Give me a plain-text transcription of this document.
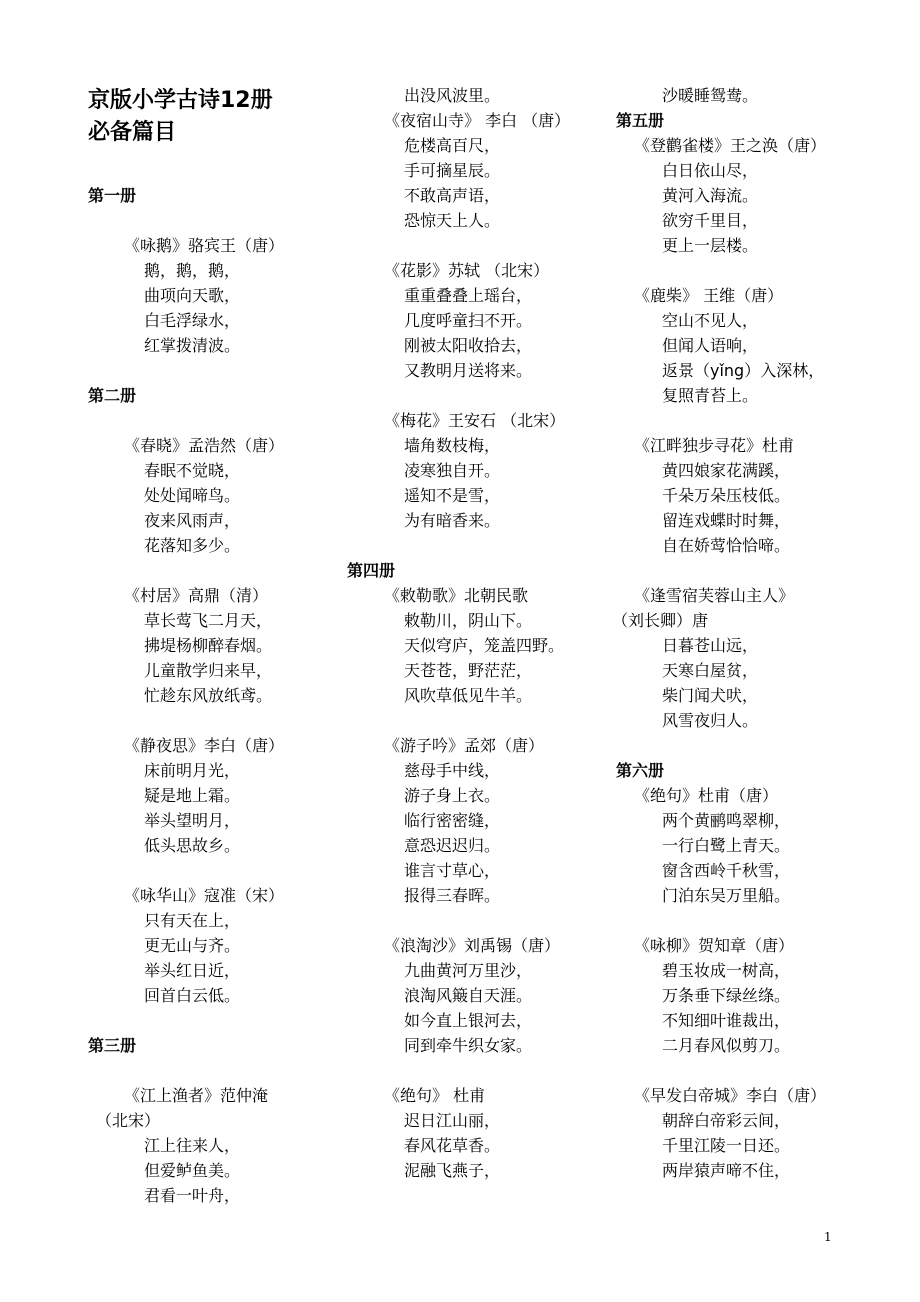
京版小学古诗12册
必备篇目
第一册
《咏鹅》骆宾王（唐）
鹅，鹅，鹅，
曲项向天歌，
白毛浮绿水，
红掌拨清波。
第二册
《春晓》孟浩然（唐）
春眠不觉晓，
处处闻啼鸟。
夜来风雨声，
花落知多少。
《村居》高鼎（清）
草长莺飞二月天，
拂堤杨柳醉春烟。
儿童散学归来早，
忙趁东风放纸鸢。
《静夜思》李白（唐）
床前明月光，
疑是地上霜。
举头望明月，
低头思故乡。
《咏华山》寇准（宋）
只有天在上，
更无山与齐。
举头红日近，
回首白云低。
第三册
《江上渔者》范仲淹
（北宋）
江上往来人，
但爱鲈鱼美。
君看一叶舟，
出没风波里。
《夜宿山寺》 李白 （唐）
危楼高百尺，
手可摘星辰。
不敢高声语，
恐惊天上人。
《花影》苏轼 （北宋）
重重叠叠上瑶台，
几度呼童扫不开。
刚被太阳收拾去，
又教明月送将来。
《梅花》王安石 （北宋）
墙角数枝梅，
凌寒独自开。
遥知不是雪，
为有暗香来。
第四册
《敕勒歌》北朝民歌
敕勒川，阴山下。
天似穹庐，笼盖四野。
天苍苍，野茫茫，
风吹草低见牛羊。
《游子吟》孟郊（唐）
慈母手中线，
游子身上衣。
临行密密缝，
意恐迟迟归。
谁言寸草心，
报得三春晖。
《浪淘沙》刘禹锡（唐）
九曲黄河万里沙，
浪淘风簸自天涯。
如今直上银河去，
同到牵牛织女家。
《绝句》 杜甫
迟日江山丽，
春风花草香。
泥融飞燕子，
沙暖睡鸳鸯。
第五册
《登鹳雀楼》王之涣（唐）
白日依山尽，
黄河入海流。
欲穷千里目，
更上一层楼。
《鹿柴》 王维（唐）
空山不见人，
但闻人语响，
返景（yǐng）入深林，
复照青苔上。
《江畔独步寻花》杜甫
黄四娘家花满蹊，
千朵万朵压枝低。
留连戏蝶时时舞，
自在娇莺恰恰啼。
《逢雪宿芙蓉山主人》
（刘长卿）唐
日暮苍山远，
天寒白屋贫，
柴门闻犬吠，
风雪夜归人。
第六册
《绝句》杜甫（唐）
两个黄鹂鸣翠柳，
一行白鹭上青天。
窗含西岭千秋雪，
门泊东吴万里船。
《咏柳》贺知章（唐）
碧玉妆成一树高，
万条垂下绿丝绦。
不知细叶谁裁出，
二月春风似剪刀。
《早发白帝城》李白（唐）
朝辞白帝彩云间，
千里江陵一日还。
两岸猿声啼不住，
1
